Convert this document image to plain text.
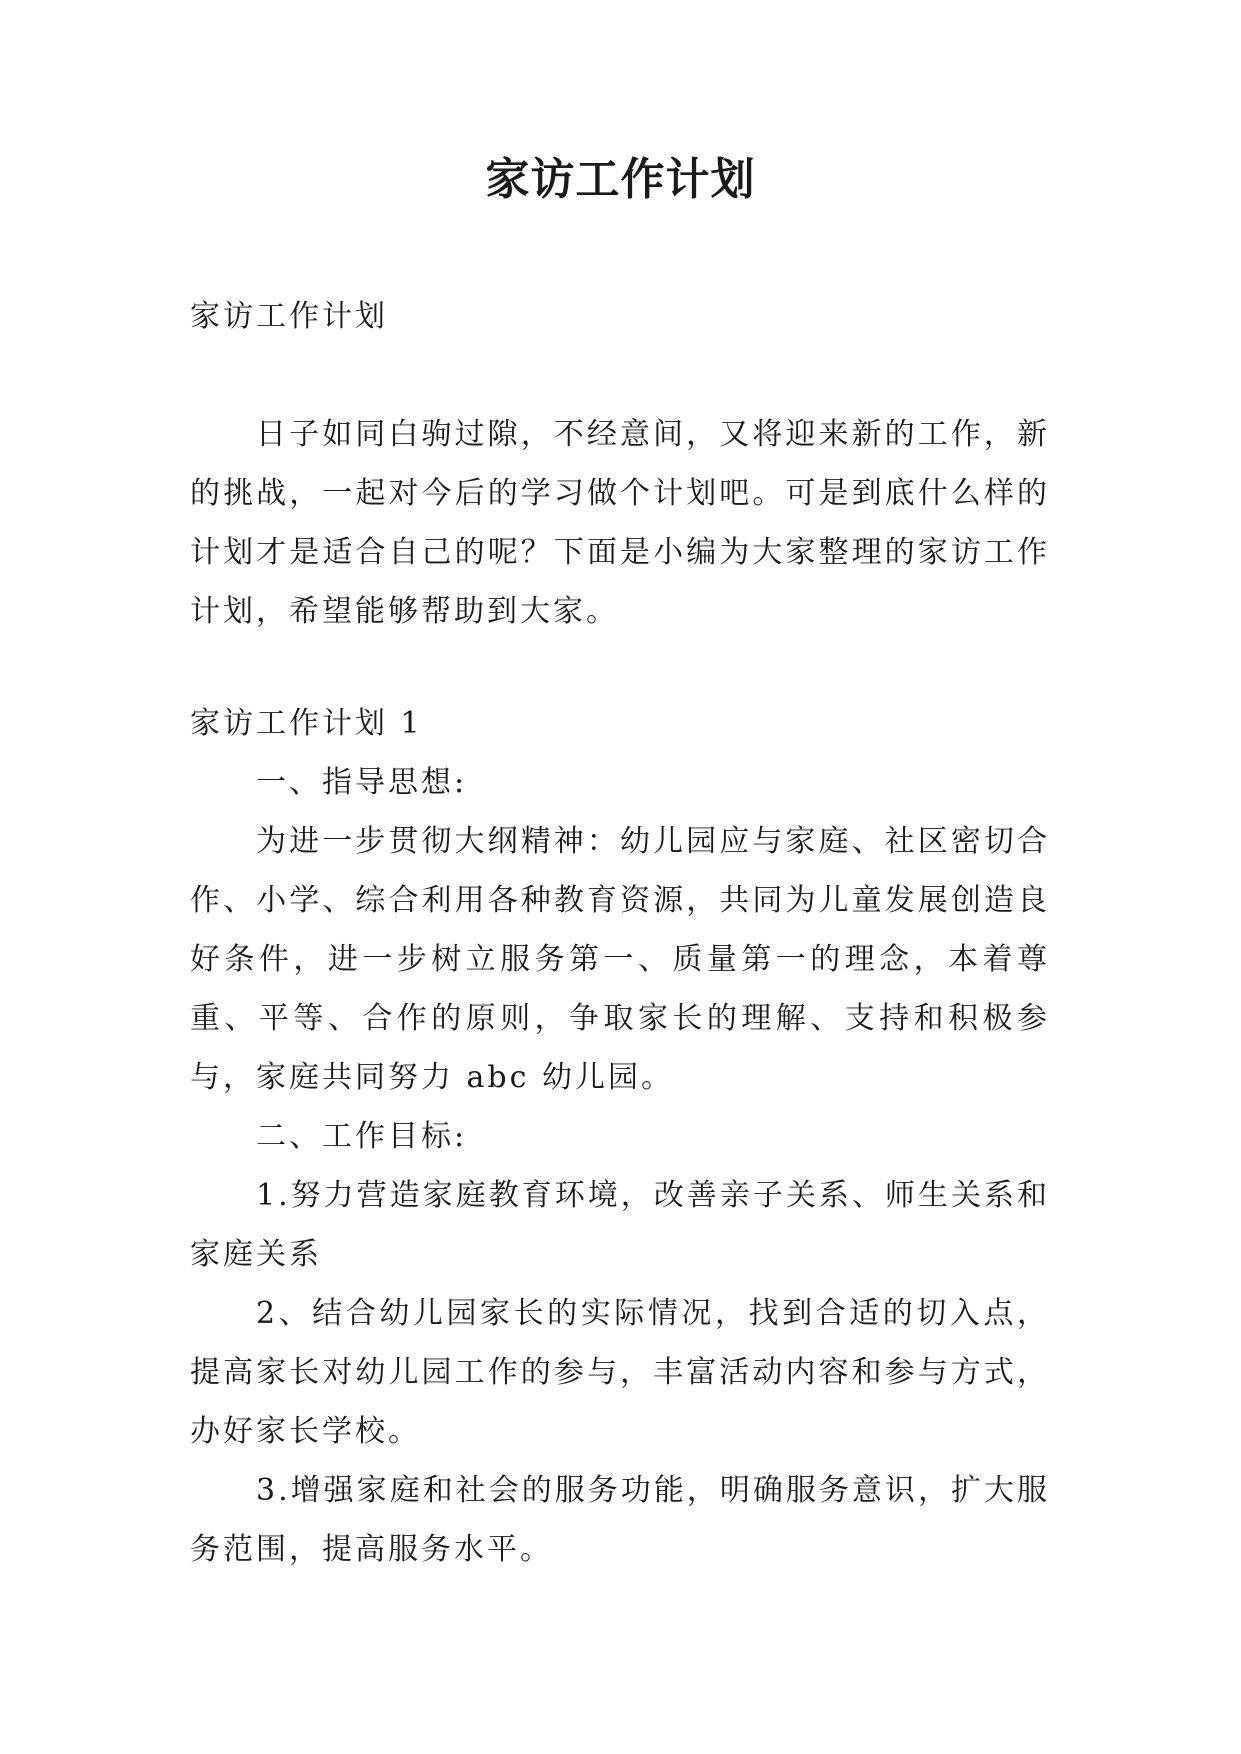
家访工作计划

家访工作计划

日子如同白驹过隙，不经意间，又将迎来新的工作，新的挑战，一起对今后的学习做个计划吧。可是到底什么样的计划才是适合自己的呢？下面是小编为大家整理的家访工作计划，希望能够帮助到大家。

家访工作计划 1

一、指导思想:

为进一步贯彻大纲精神：幼儿园应与家庭、社区密切合作、小学、综合利用各种教育资源，共同为儿童发展创造良好条件，进一步树立服务第一、质量第一的理念，本着尊重、平等、合作的原则，争取家长的理解、支持和积极参与，家庭共同努力 abc 幼儿园。

二、工作目标:

1.努力营造家庭教育环境，改善亲子关系、师生关系和家庭关系

2、结合幼儿园家长的实际情况，找到合适的切入点，提高家长对幼儿园工作的参与，丰富活动内容和参与方式，办好家长学校。

3.增强家庭和社会的服务功能，明确服务意识，扩大服务范围，提高服务水平。
